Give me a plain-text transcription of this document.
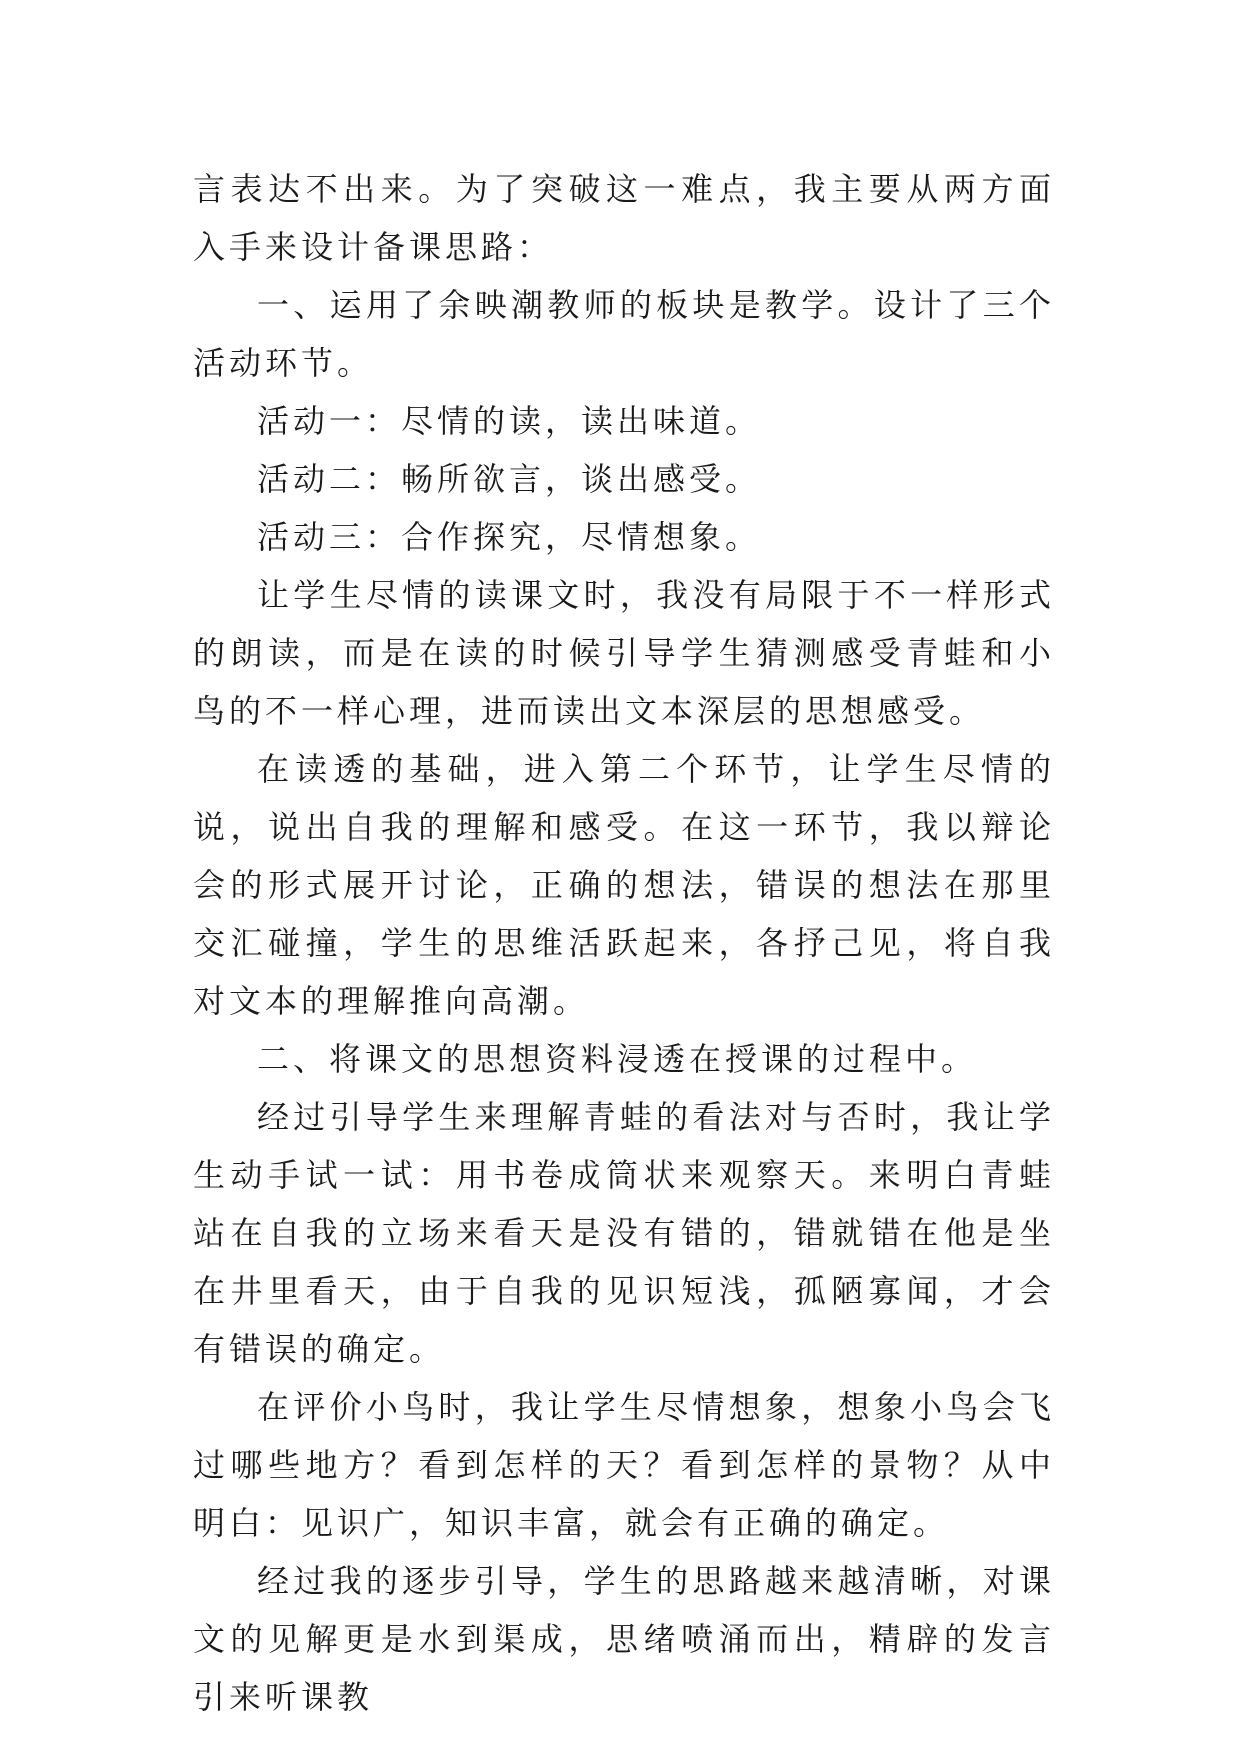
言表达不出来。为了突破这一难点，我主要从两方面入手来设计备课思路：

一、运用了余映潮教师的板块是教学。设计了三个活动环节。

活动一：尽情的读，读出味道。

活动二：畅所欲言，谈出感受。

活动三：合作探究，尽情想象。

让学生尽情的读课文时，我没有局限于不一样形式的朗读，而是在读的时候引导学生猜测感受青蛙和小鸟的不一样心理，进而读出文本深层的思想感受。

在读透的基础，进入第二个环节，让学生尽情的说，说出自我的理解和感受。在这一环节，我以辩论会的形式展开讨论，正确的想法，错误的想法在那里交汇碰撞，学生的思维活跃起来，各抒己见，将自我对文本的理解推向高潮。

二、将课文的思想资料浸透在授课的过程中。

经过引导学生来理解青蛙的看法对与否时，我让学生动手试一试：用书卷成筒状来观察天。来明白青蛙站在自我的立场来看天是没有错的，错就错在他是坐在井里看天，由于自我的见识短浅，孤陋寡闻，才会有错误的确定。

在评价小鸟时，我让学生尽情想象，想象小鸟会飞过哪些地方？看到怎样的天？看到怎样的景物？从中明白：见识广，知识丰富，就会有正确的确定。

经过我的逐步引导，学生的思路越来越清晰，对课文的见解更是水到渠成，思绪喷涌而出，精辟的发言引来听课教
